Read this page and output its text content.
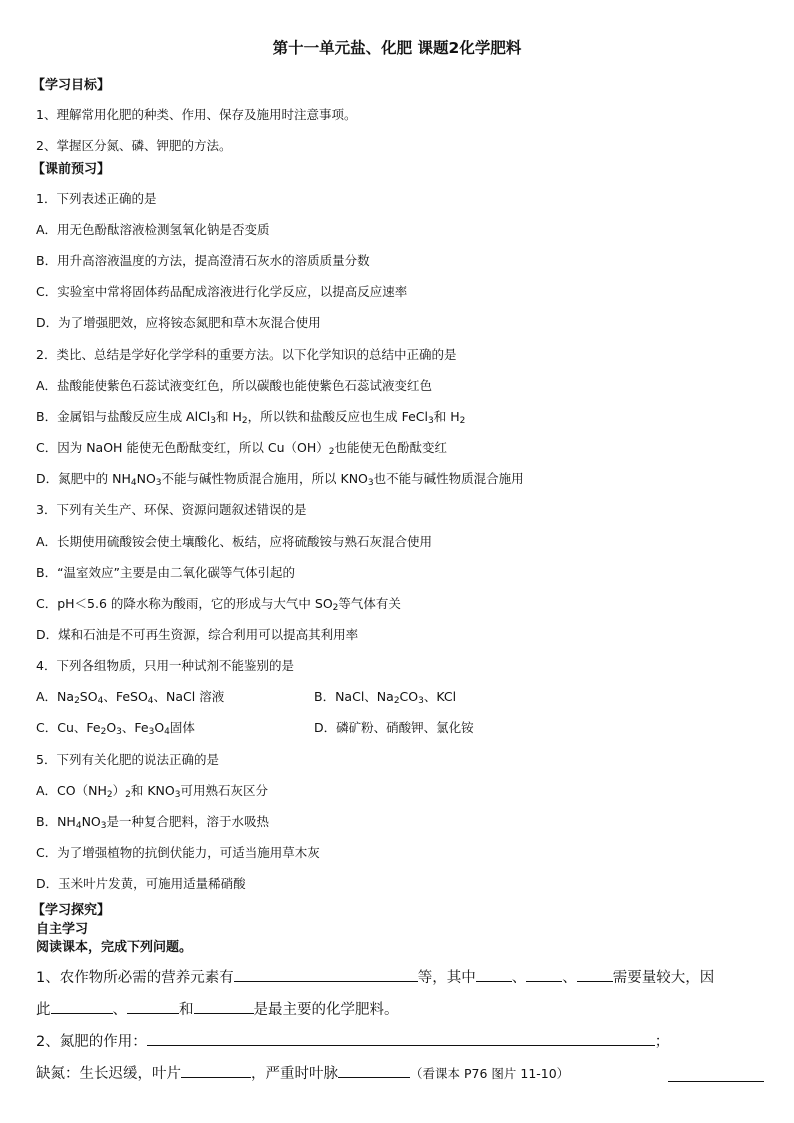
第十一单元盐、化肥 课题2化学肥料
【学习目标】
1、理解常用化肥的种类、作用、保存及施用时注意事项。
2、掌握区分氮、磷、钾肥的方法。
【课前预习】
1．下列表述正确的是
A．用无色酚酞溶液检测氢氧化钠是否变质
B．用升高溶液温度的方法，提高澄清石灰水的溶质质量分数
C．实验室中常将固体药品配成溶液进行化学反应，以提高反应速率
D．为了增强肥效，应将铵态氮肥和草木灰混合使用
2．类比、总结是学好化学学科的重要方法。以下化学知识的总结中正确的是
A．盐酸能使紫色石蕊试液变红色，所以碳酸也能使紫色石蕊试液变红色
B．金属铝与盐酸反应生成 AlCl$_3$和 $H_2$，所以铁和盐酸反应也生成 FeCl$_3$和 $H_2$
C．因为 NaOH 能使无色酚酞变红，所以 $Cu(OH)_2$也能使无色酚酞变红
D．氮肥中的 $NH_4NO_3$不能与碱性物质混合施用，所以 $KNO_3$也不能与碱性物质混合施用
3．下列有关生产、环保、资源问题叙述错误的是
A．长期使用硫酸铵会使土壤酸化、板结，应将硫酸铵与熟石灰混合使用
B．“温室效应”主要是由二氧化碳等气体引起的
C．pH＜5.6 的降水称为酸雨，它的形成与大气中 $SO_2$等气体有关
D．煤和石油是不可再生资源，综合利用可以提高其利用率
4．下列各组物质，只用一种试剂不能鉴别的是
A．$Na_2SO_4$、FeSO$_4$、NaCl 溶液	B．NaCl、$Na_2CO_3$、KCl
C．Cu、$Fe_2O_3$、$Fe_3O_4$固体	D．磷矿粉、硝酸钾、氯化铵
5．下列有关化肥的说法正确的是
A．$CO(NH_2)_2$和 $KNO_3$可用熟石灰区分
B．$NH_4NO_3$是一种复合肥料，溶于水吸热
C．为了增强植物的抗倒伏能力，可适当施用草木灰
D．玉米叶片发黄，可施用适量稀硝酸
【学习探究】
自主学习
阅读课本，完成下列问题。
1、农作物所必需的营养元素有	等，其中 、 、 需要量较大，因
此	、	和	是最主要的化学肥料。
2、氮肥的作用：	；
缺氮：生长迟缓，叶片	，严重时叶脉	（看课本 P76 图片 11-10）
